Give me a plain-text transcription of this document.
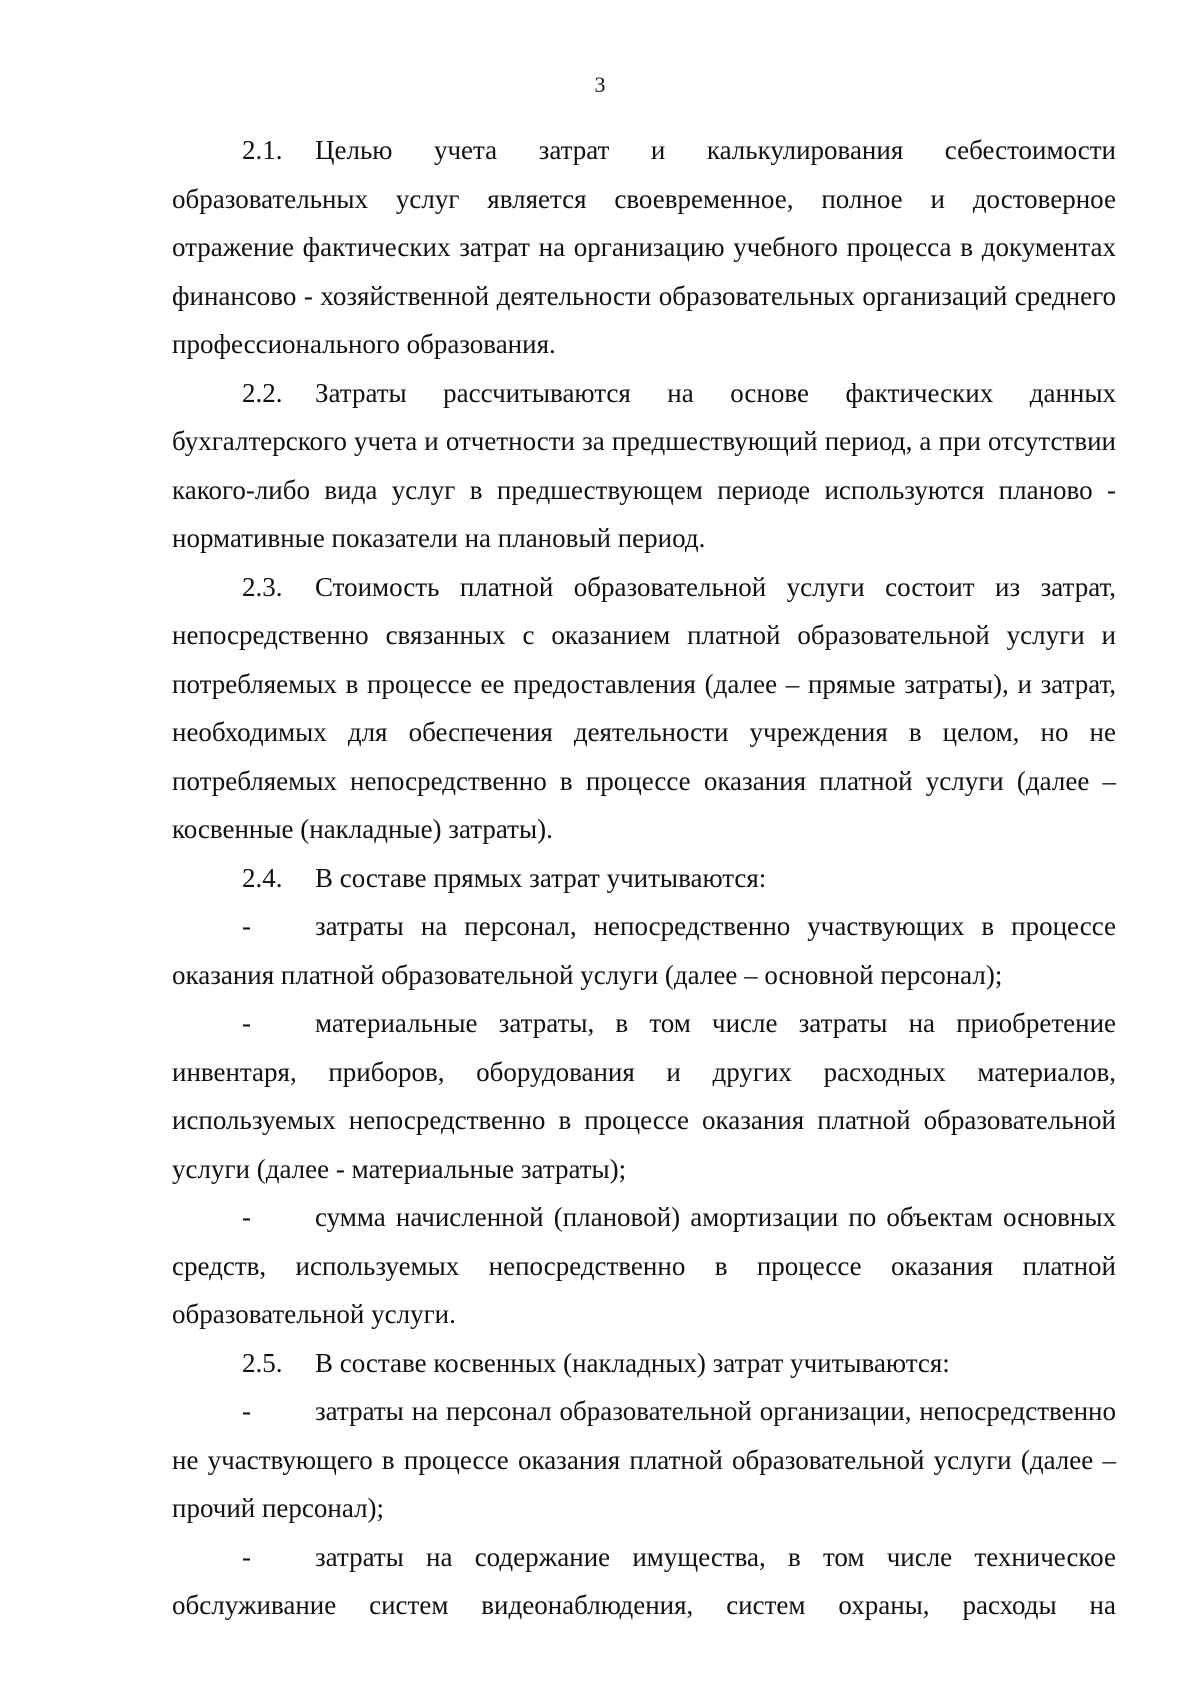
3

2.1. Целью учета затрат и калькулирования себестоимости образовательных услуг является своевременное, полное и достоверное отражение фактических затрат на организацию учебного процесса в документах финансово - хозяйственной деятельности образовательных организаций среднего профессионального образования.

2.2. Затраты рассчитываются на основе фактических данных бухгалтерского учета и отчетности за предшествующий период, а при отсутствии какого-либо вида услуг в предшествующем периоде используются планово - нормативные показатели на плановый период.

2.3. Стоимость платной образовательной услуги состоит из затрат, непосредственно связанных с оказанием платной образовательной услуги и потребляемых в процессе ее предоставления (далее – прямые затраты), и затрат, необходимых для обеспечения деятельности учреждения в целом, но не потребляемых непосредственно в процессе оказания платной услуги (далее – косвенные (накладные) затраты).

2.4. В составе прямых затрат учитываются:

- затраты на персонал, непосредственно участвующих в процессе оказания платной образовательной услуги (далее – основной персонал);

- материальные затраты, в том числе затраты на приобретение инвентаря, приборов, оборудования и других расходных материалов, используемых непосредственно в процессе оказания платной образовательной услуги (далее - материальные затраты);

- сумма начисленной (плановой) амортизации по объектам основных средств, используемых непосредственно в процессе оказания платной образовательной услуги.

2.5. В составе косвенных (накладных) затрат учитываются:

- затраты на персонал образовательной организации, непосредственно не участвующего в процессе оказания платной образовательной услуги (далее – прочий персонал);

- затраты на содержание имущества, в том числе техническое обслуживание систем видеонаблюдения, систем охраны, расходы на
